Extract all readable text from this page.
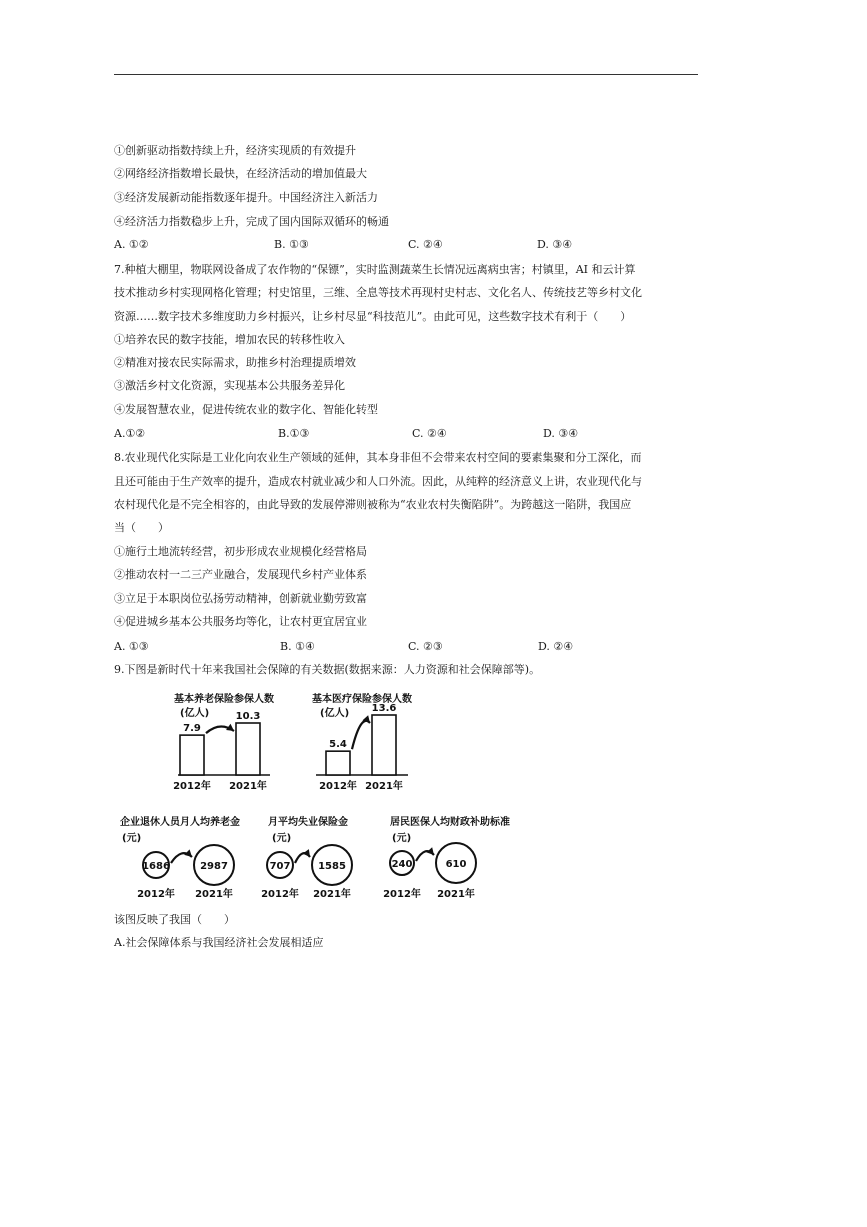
①创新驱动指数持续上升，经济实现质的有效提升
②网络经济指数增长最快，在经济活动的增加值最大
③经济发展新动能指数逐年提升。中国经济注入新活力
④经济活力指数稳步上升，完成了国内国际双循环的畅通
A. ①②	B. ①③	C. ②④	D. ③④
7.种植大棚里，物联网设备成了农作物的“保镖”，实时监测蔬菜生长情况远离病虫害；村镇里，AI 和云计算
技术推动乡村实现网格化管理；村史馆里，三维、全息等技术再现村史村志、文化名人、传统技艺等乡村文化
资源……数字技术多维度助力乡村振兴，让乡村尽显“科技范儿”。由此可见，这些数字技术有利于（　　）
①培养农民的数字技能，增加农民的转移性收入
②精准对接农民实际需求，助推乡村治理提质增效
③激活乡村文化资源，实现基本公共服务差异化
④发展智慧农业，促进传统农业的数字化、智能化转型
A.①②	B.①③	C. ②④	D. ③④
8.农业现代化实际是工业化向农业生产领域的延伸，其本身非但不会带来农村空间的要素集聚和分工深化，而
且还可能由于生产效率的提升，造成农村就业减少和人口外流。因此，从纯粹的经济意义上讲，农业现代化与
农村现代化是不完全相容的，由此导致的发展停滞则被称为“农业农村失衡陷阱”。为跨越这一陷阱，我国应
当（　　）
①施行土地流转经营，初步形成农业规模化经营格局
②推动农村一二三产业融合，发展现代乡村产业体系
③立足于本职岗位弘扬劳动精神，创新就业勤劳致富
④促进城乡基本公共服务均等化，让农村更宜居宜业
A. ①③	B. ①④	C. ②③	D. ②④
9.下图是新时代十年来我国社会保障的有关数据(数据来源：人力资源和社会保障部等)。
基本养老保险参保人数
(亿人)
7.9
2012年
10.3
2021年
基本医疗保险参保人数
(亿人)
5.4
2012年
13.6
2021年
企业退休人员月人均养老金
(元)
1686
2012年
2987
2021年
月平均失业保险金
(元)
707
2012年
1585
2021年
居民医保人均财政补助标准
(元)
240
2012年
610
2021年
该图反映了我国（　　）
A.社会保障体系与我国经济社会发展相适应
